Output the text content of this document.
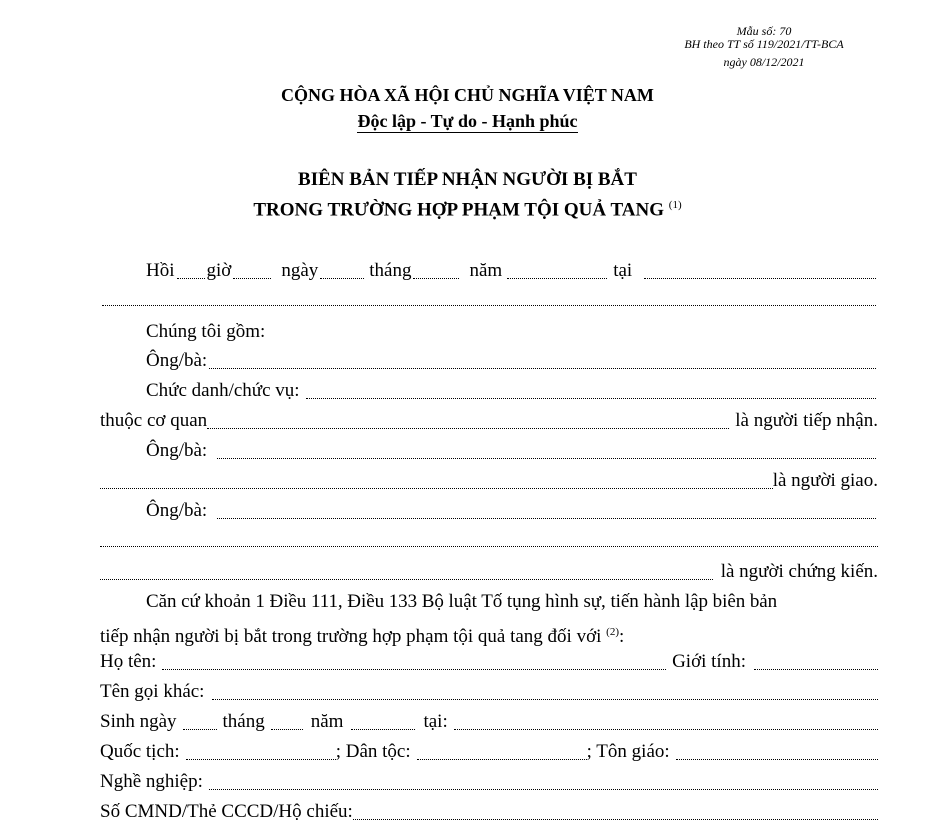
Mẫu số: 70
BH theo TT số 119/2021/TT-BCA
ngày 08/12/2021
CỘNG HÒA XÃ HỘI CHỦ NGHĨA VIỆT NAM
Độc lập - Tự do - Hạnh phúc
BIÊN BẢN TIẾP NHẬN NGƯỜI BỊ BẮT
TRONG TRƯỜNG HỢP PHẠM TỘI QUẢ TANG $^{(1)}$
Hồi giờ	ngày	tháng	năm	tại
Chúng tôi gồm:
Ông/bà:
Chức danh/chức vụ:
thuộc cơ quan	là người tiếp nhận.
Ông/bà:
là người giao.
Ông/bà:
là người chứng kiến.
Căn cứ khoản 1 Điều 111, Điều 133 Bộ luật Tố tụng hình sự, tiến hành lập biên bản
tiếp nhận người bị bắt trong trường hợp phạm tội quả tang đối với $^{(2)}$ :
Họ tên:	Giới tính:
Tên gọi khác:
Sinh ngày tháng năm	tại:
Quốc tịch:	; Dân tộc:	; Tôn giáo:
Nghề nghiệp:
Số CMND/Thẻ CCCD/Hộ chiếu:
